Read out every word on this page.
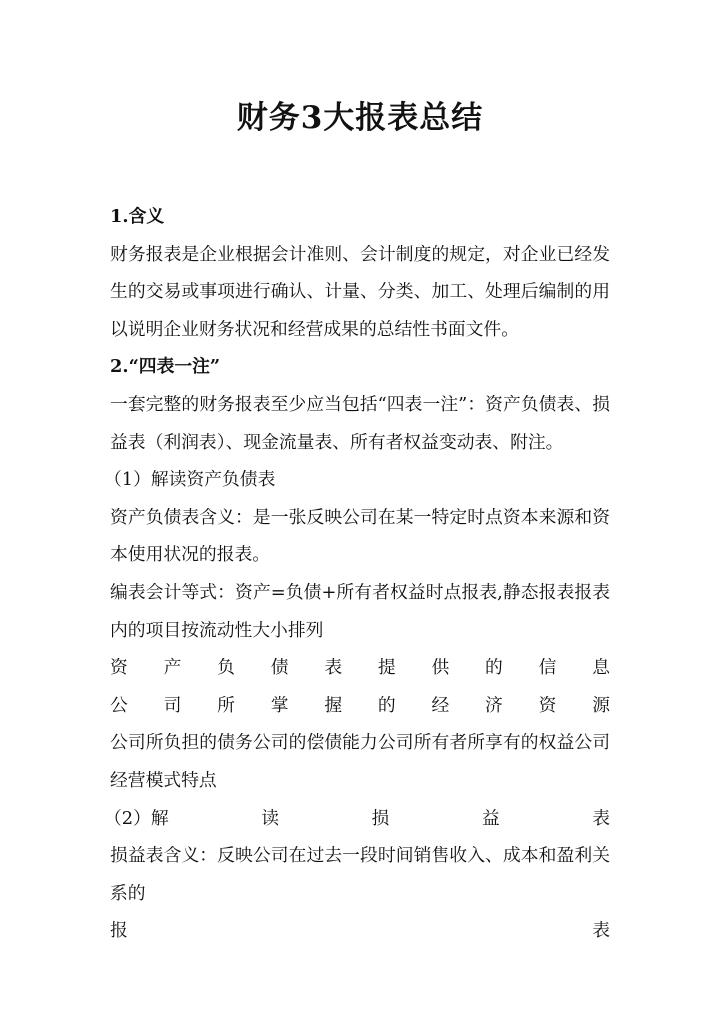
财务3大报表总结

1.含义

财务报表是企业根据会计准则、会计制度的规定，对企业已经发生的交易或事项进行确认、计量、分类、加工、处理后编制的用以说明企业财务状况和经营成果的总结性书面文件。

2.“四表一注”

一套完整的财务报表至少应当包括“四表一注”：资产负债表、损益表（利润表）、现金流量表、所有者权益变动表、附注。

（1）解读资产负债表

资产负债表含义：是一张反映公司在某一特定时点资本来源和资本使用状况的报表。

编表会计等式：资产=负债+所有者权益时点报表,静态报表报表内的项目按流动性大小排列

资 产 负 债 表 提 供 的 信 息
公 司 所 掌 握 的 经 济 资 源

公司所负担的债务公司的偿债能力公司所有者所享有的权益公司经营模式特点

（2）解	读	损	益	表

损益表含义：反映公司在过去一段时间销售收入、成本和盈利关系的

报	表
